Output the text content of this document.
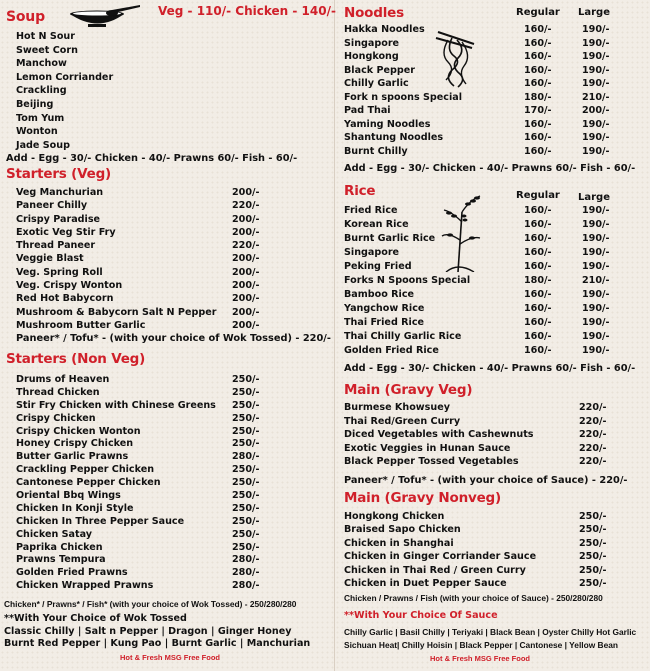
Soup	Veg - 110/- Chicken - 140/-
Hot N Sour
Sweet Corn
Manchow
Lemon Corriander
Crackling
Beijing
Tom Yum
Wonton
Jade Soup
Add - Egg - 30/- Chicken - 40/- Prawns 60/- Fish - 60/-
Starters (Veg)
Veg Manchurian	200/-
Paneer Chilly	220/-
Crispy Paradise	200/-
Exotic Veg Stir Fry	200/-
Thread Paneer	220/-
Veggie Blast	200/-
Veg. Spring Roll	200/-
Veg. Crispy Wonton	200/-
Red Hot Babycorn	200/-
Mushroom & Babycorn Salt N Pepper 200/-
Mushroom Butter Garlic	200/-
Paneer* / Tofu* - (with your choice of Wok Tossed) - 220/-
Starters (Non Veg)
Drums of Heaven	250/-
Thread Chicken	250/-
Stir Fry Chicken with Chinese Greens 250/-
Crispy Chicken	250/-
Crispy Chicken Wonton	250/-
Honey Crispy Chicken	250/-
Butter Garlic Prawns	280/-
Crackling Pepper Chicken	250/-
Cantonese Pepper Chicken	250/-
Oriental Bbq Wings	250/-
Chicken In Konji Style	250/-
Chicken In Three Pepper Sauce	250/-
Chicken Satay	250/-
Paprika Chicken	250/-
Prawns Tempura	280/-
Golden Fried Prawns	280/-
Chicken Wrapped Prawns	280/-
Chicken* / Prawns* / Fish* (with your choice of Wok Tossed) - 250/280/280
**With Your Choice of Wok Tossed
Classic Chilly | Salt n Pepper | Dragon | Ginger Honey
Burnt Red Pepper | Kung Pao | Burnt Garlic | Manchurian
Hot & Fresh MSG Free Food
Noodles	Regular Large
Hakka Noodles	160/-	190/-
Singapore	160/-	190/-
Hongkong	160/-	190/-
Black Pepper	160/-	190/-
Chilly Garlic	160/-	190/-
Fork n spoons Special	180/-	210/-
Pad Thai	170/-	200/-
Yaming Noodles	160/-	190/-
Shantung Noodles	160/-	190/-
Burnt Chilly	160/-	190/-
Add - Egg - 30/- Chicken - 40/- Prawns 60/- Fish - 60/-
Rice	Regular Large
Fried Rice	160/-	190/-
Korean Rice	160/-	190/-
Burnt Garlic Rice	160/-	190/-
Singapore	160/-	190/-
Peking Fried	160/-	190/-
Forks N Spoons Special	180/-	210/-
Bamboo Rice	160/-	190/-
Yangchow Rice	160/-	190/-
Thai Fried Rice	160/-	190/-
Thai Chilly Garlic Rice	160/-	190/-
Golden Fried Rice	160/-	190/-
Add - Egg - 30/- Chicken - 40/- Prawns 60/- Fish - 60/-
Main (Gravy Veg)
Burmese Khowsuey	220/-
Thai Red/Green Curry	220/-
Diced Vegetables with Cashewnuts	220/-
Exotic Veggies in Hunan Sauce	220/-
Black Pepper Tossed Vegetables	220/-
Paneer* / Tofu* - (with your choice of Sauce) - 220/-
Main (Gravy Nonveg)
Hongkong Chicken	250/-
Braised Sapo Chicken	250/-
Chicken in Shanghai	250/-
Chicken in Ginger Corriander Sauce	250/-
Chicken in Thai Red / Green Curry	250/-
Chicken in Duet Pepper Sauce	250/-
Chicken / Prawns / Fish (with your choice of Sauce) - 250/280/280
**With Your Choice Of Sauce
Chilly Garlic | Basil Chilly | Teriyaki | Black Bean | Oyster Chilly Hot Garlic
Sichuan Heat| Chilly Hoisin | Black Pepper | Cantonese | Yellow Bean
Hot & Fresh MSG Free Food
